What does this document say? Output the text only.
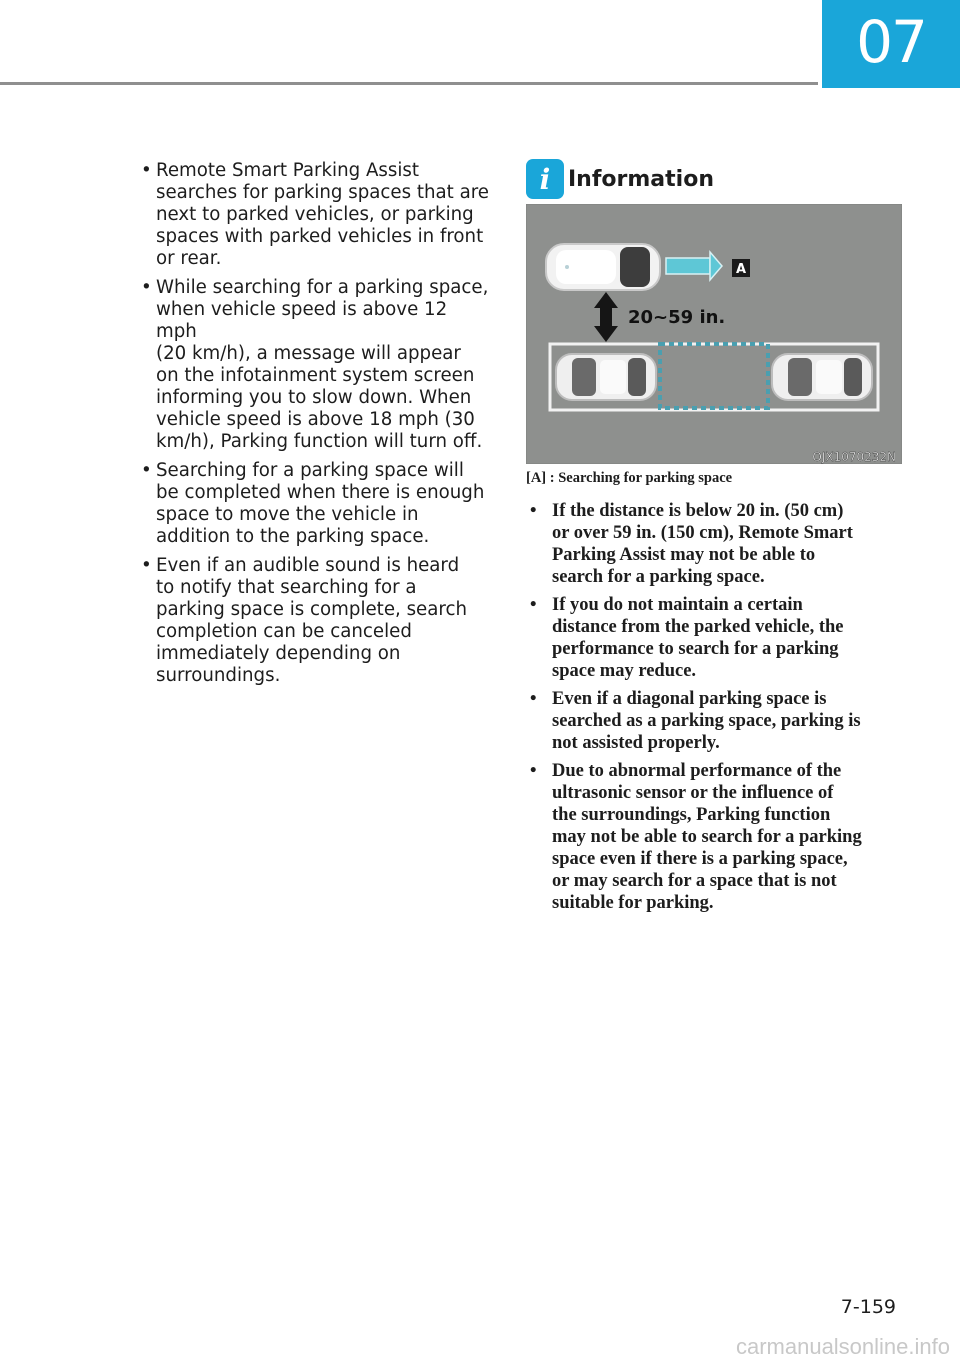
07
• Remote Smart Parking Assist
searches for parking spaces that are
next to parked vehicles, or parking
spaces with parked vehicles in front
or rear.
• While searching for a parking space,
when vehicle speed is above 12 mph
(20 km/h), a message will appear
on the infotainment system screen
informing you to slow down. When
vehicle speed is above 18 mph (30
km/h), Parking function will turn off.
• Searching for a parking space will
be completed when there is enough
space to move the vehicle in
addition to the parking space.
• Even if an audible sound is heard
to notify that searching for a
parking space is complete, search
completion can be canceled
immediately depending on
surroundings.
i Information
A
20~59 in.
OJX1070232N
[A] : Searching for parking space
• If the distance is below 20 in. (50 cm)
or over 59 in. (150 cm), Remote Smart
Parking Assist may not be able to
search for a parking space.
• If you do not maintain a certain
distance from the parked vehicle, the
performance to search for a parking
space may reduce.
• Even if a diagonal parking space is
searched as a parking space, parking is
not assisted properly.
• Due to abnormal performance of the
ultrasonic sensor or the influence of
the surroundings, Parking function
may not be able to search for a parking
space even if there is a parking space,
or may search for a space that is not
suitable for parking.
7-159
carmanualsonline.info
